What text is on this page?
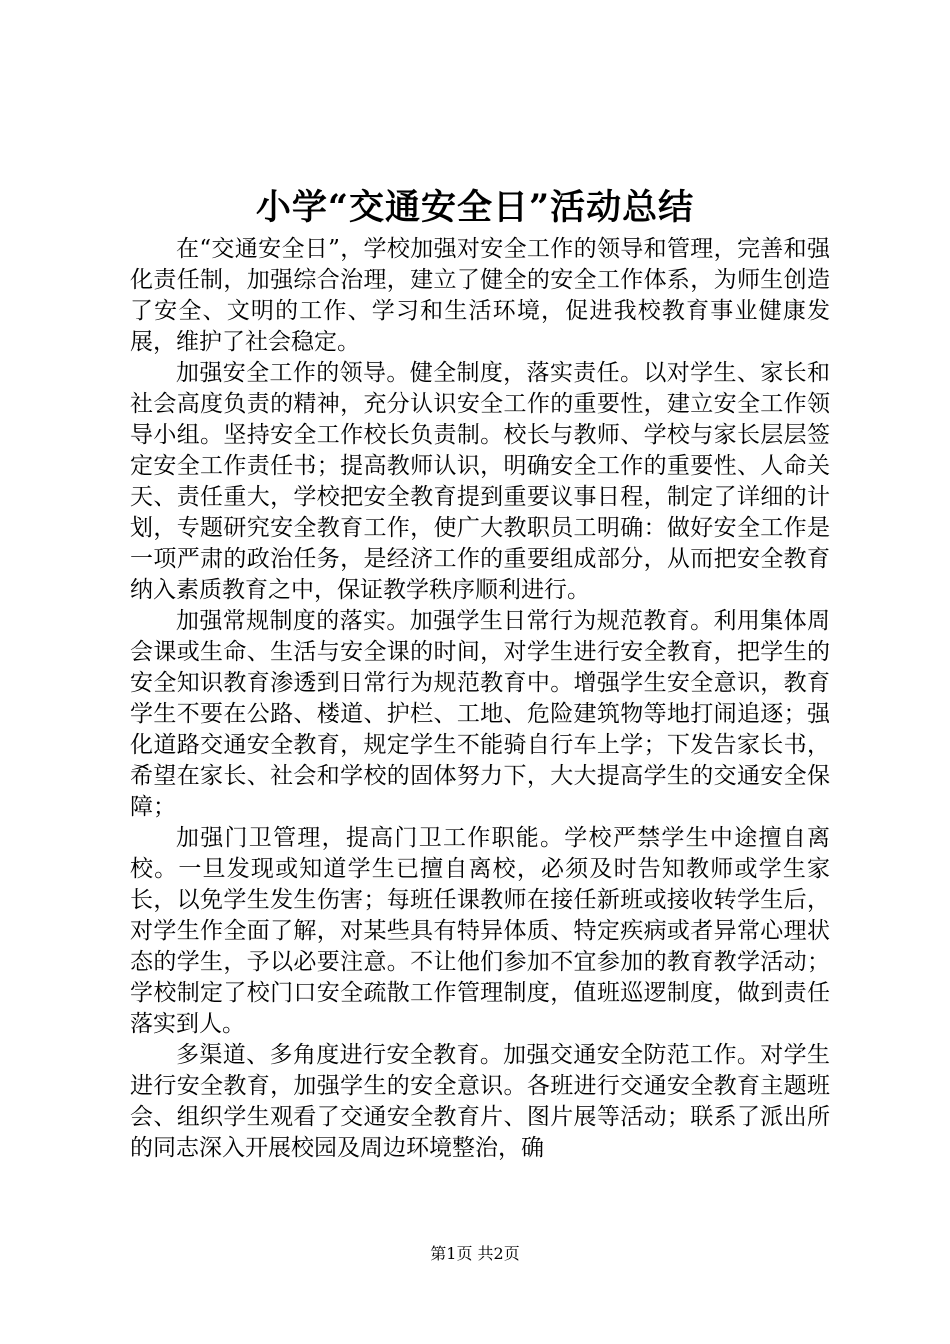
小学“交通安全日”活动总结

在“交通安全日”，学校加强对安全工作的领导和管理，完善和强化责任制，加强综合治理，建立了健全的安全工作体系，为师生创造了安全、文明的工作、学习和生活环境，促进我校教育事业健康发展，维护了社会稳定。

加强安全工作的领导。健全制度，落实责任。以对学生、家长和社会高度负责的精神，充分认识安全工作的重要性，建立安全工作领导小组。坚持安全工作校长负责制。校长与教师、学校与家长层层签定安全工作责任书；提高教师认识，明确安全工作的重要性、人命关天、责任重大，学校把安全教育提到重要议事日程，制定了详细的计划，专题研究安全教育工作，使广大教职员工明确：做好安全工作是一项严肃的政治任务，是经济工作的重要组成部分，从而把安全教育纳入素质教育之中，保证教学秩序顺利进行。

加强常规制度的落实。加强学生日常行为规范教育。利用集体周会课或生命、生活与安全课的时间，对学生进行安全教育，把学生的安全知识教育渗透到日常行为规范教育中。增强学生安全意识，教育学生不要在公路、楼道、护栏、工地、危险建筑物等地打闹追逐；强化道路交通安全教育，规定学生不能骑自行车上学；下发告家长书，希望在家长、社会和学校的固体努力下，大大提高学生的交通安全保障；

加强门卫管理，提高门卫工作职能。学校严禁学生中途擅自离校。一旦发现或知道学生已擅自离校，必须及时告知教师或学生家长，以免学生发生伤害；每班任课教师在接任新班或接收转学生后，对学生作全面了解，对某些具有特异体质、特定疾病或者异常心理状态的学生，予以必要注意。不让他们参加不宜参加的教育教学活动；学校制定了校门口安全疏散工作管理制度，值班巡逻制度，做到责任落实到人。

多渠道、多角度进行安全教育。加强交通安全防范工作。对学生进行安全教育，加强学生的安全意识。各班进行交通安全教育主题班会、组织学生观看了交通安全教育片、图片展等活动；联系了派出所的同志深入开展校园及周边环境整治，确

第1页 共2页
